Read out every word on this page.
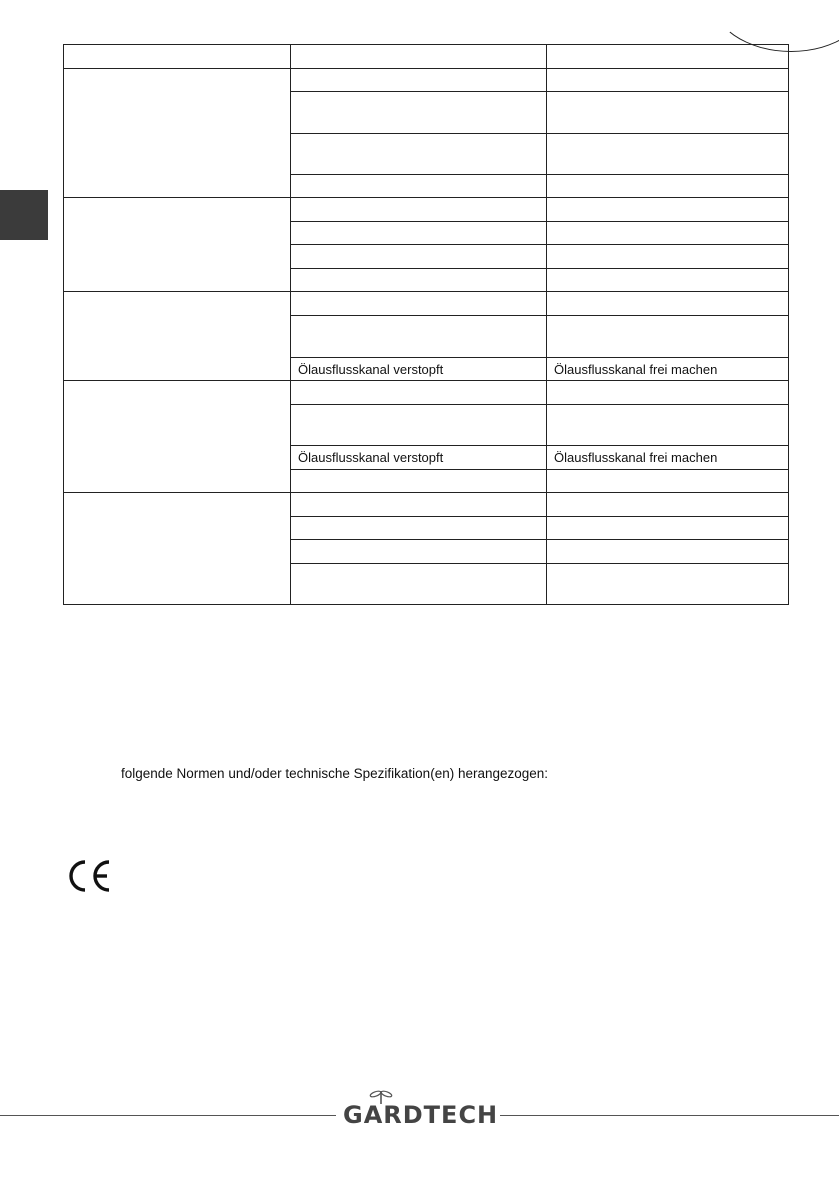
	Ölausflusskanal verstopft	Ölausflusskanal frei machen

	Ölausflusskanal verstopft	Ölausflusskanal frei machen

folgende Normen und/oder technische Spezifikation(en) herangezogen:
GARDTECH
